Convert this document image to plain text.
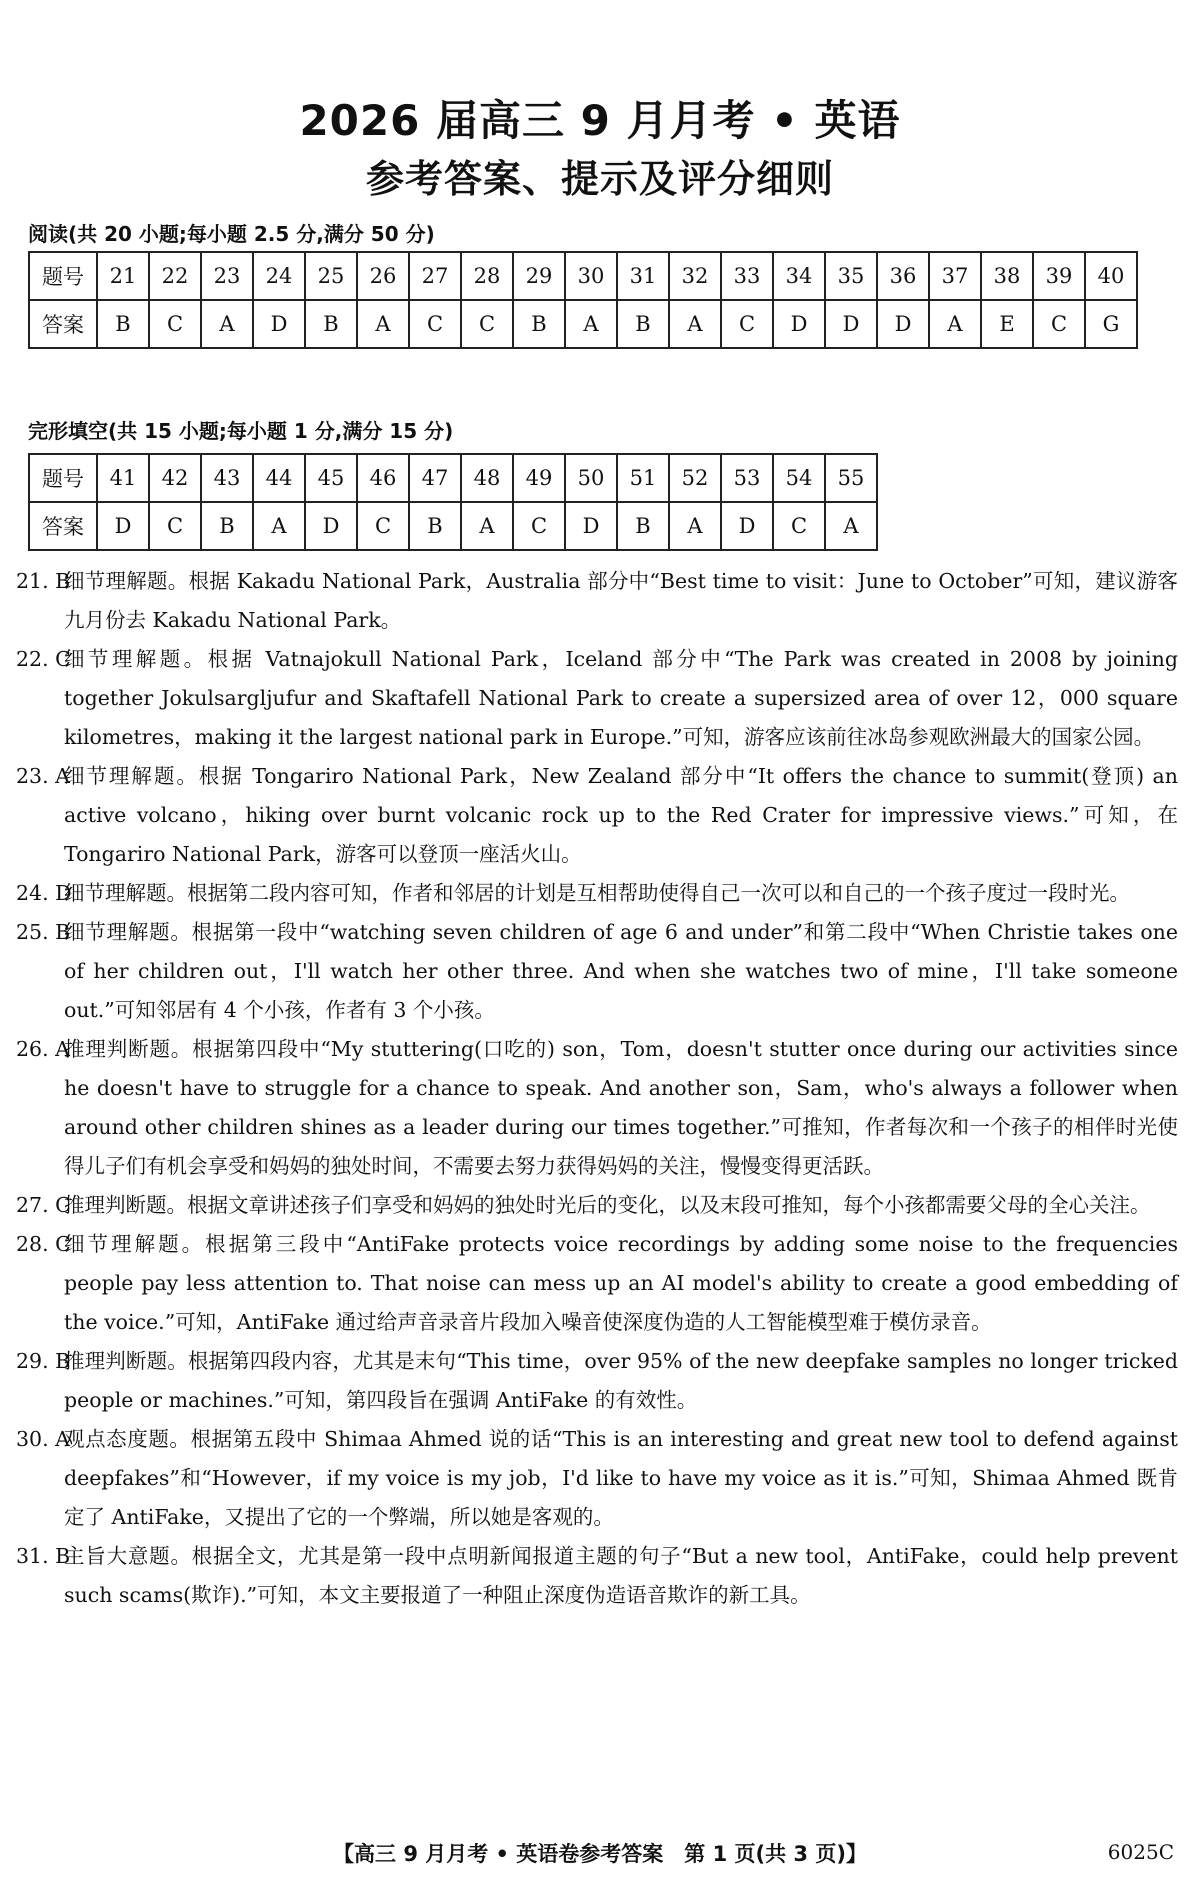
2026 届高三 9 月月考 • 英语
参考答案、提示及评分细则
阅读(共 20 小题;每小题 2.5 分,满分 50 分)
题号	21	22	23	24	25	26	27	28	29	30	31	32	33	34	35	36	37	38	39	40
答案	B	C	A	D	B	A	C	C	B	A	B	A	C	D	D	D	A	E	C	G
完形填空(共 15 小题;每小题 1 分,满分 15 分)
题号	41	42	43	44	45	46	47	48	49	50	51	52	53	54	55
答案	D	C	B	A	D	C	B	A	C	D	B	A	D	C	A
21. B
细节理解题。根据 Kakadu National Park，Australia 部分中“Best time to visit：June to October”可知，建议游客九月份去 Kakadu National Park。
22. C
细节理解题。根据 Vatnajokull National Park，Iceland 部分中“The Park was created in 2008 by joining together Jokulsargljufur and Skaftafell National Park to create a supersized area of over 12，000 square kilometres，making it the largest national park in Europe.”可知，游客应该前往冰岛参观欧洲最大的国家公园。
23. A
细节理解题。根据 Tongariro National Park，New Zealand 部分中“It offers the chance to summit(登顶) an active volcano，hiking over burnt volcanic rock up to the Red Crater for impressive views.”可知，在 Tongariro National Park，游客可以登顶一座活火山。
24. D
细节理解题。根据第二段内容可知，作者和邻居的计划是互相帮助使得自己一次可以和自己的一个孩子度过一段时光。
25. B
细节理解题。根据第一段中“watching seven children of age 6 and under”和第二段中“When Christie takes one of her children out，I'll watch her other three. And when she watches two of mine，I'll take someone out.”可知邻居有 4 个小孩，作者有 3 个小孩。
26. A
推理判断题。根据第四段中“My stuttering(口吃的) son，Tom，doesn't stutter once during our activities since he doesn't have to struggle for a chance to speak. And another son，Sam，who's always a follower when around other children shines as a leader during our times together.”可推知，作者每次和一个孩子的相伴时光使得儿子们有机会享受和妈妈的独处时间，不需要去努力获得妈妈的关注，慢慢变得更活跃。
27. C
推理判断题。根据文章讲述孩子们享受和妈妈的独处时光后的变化，以及末段可推知，每个小孩都需要父母的全心关注。
28. C
细节理解题。根据第三段中“AntiFake protects voice recordings by adding some noise to the frequencies people pay less attention to. That noise can mess up an AI model's ability to create a good embedding of the voice.”可知，AntiFake 通过给声音录音片段加入噪音使深度伪造的人工智能模型难于模仿录音。
29. B
推理判断题。根据第四段内容，尤其是末句“This time，over 95% of the new deepfake samples no longer tricked people or machines.”可知，第四段旨在强调 AntiFake 的有效性。
30. A
观点态度题。根据第五段中 Shimaa Ahmed 说的话“This is an interesting and great new tool to defend against deepfakes”和“However，if my voice is my job，I'd like to have my voice as it is.”可知，Shimaa Ahmed 既肯定了 AntiFake，又提出了它的一个弊端，所以她是客观的。
31. B
主旨大意题。根据全文，尤其是第一段中点明新闻报道主题的句子“But a new tool，AntiFake，could help prevent such scams(欺诈).”可知，本文主要报道了一种阻止深度伪造语音欺诈的新工具。
【高三 9 月月考 • 英语卷参考答案　第 1 页(共 3 页)】	6025C
